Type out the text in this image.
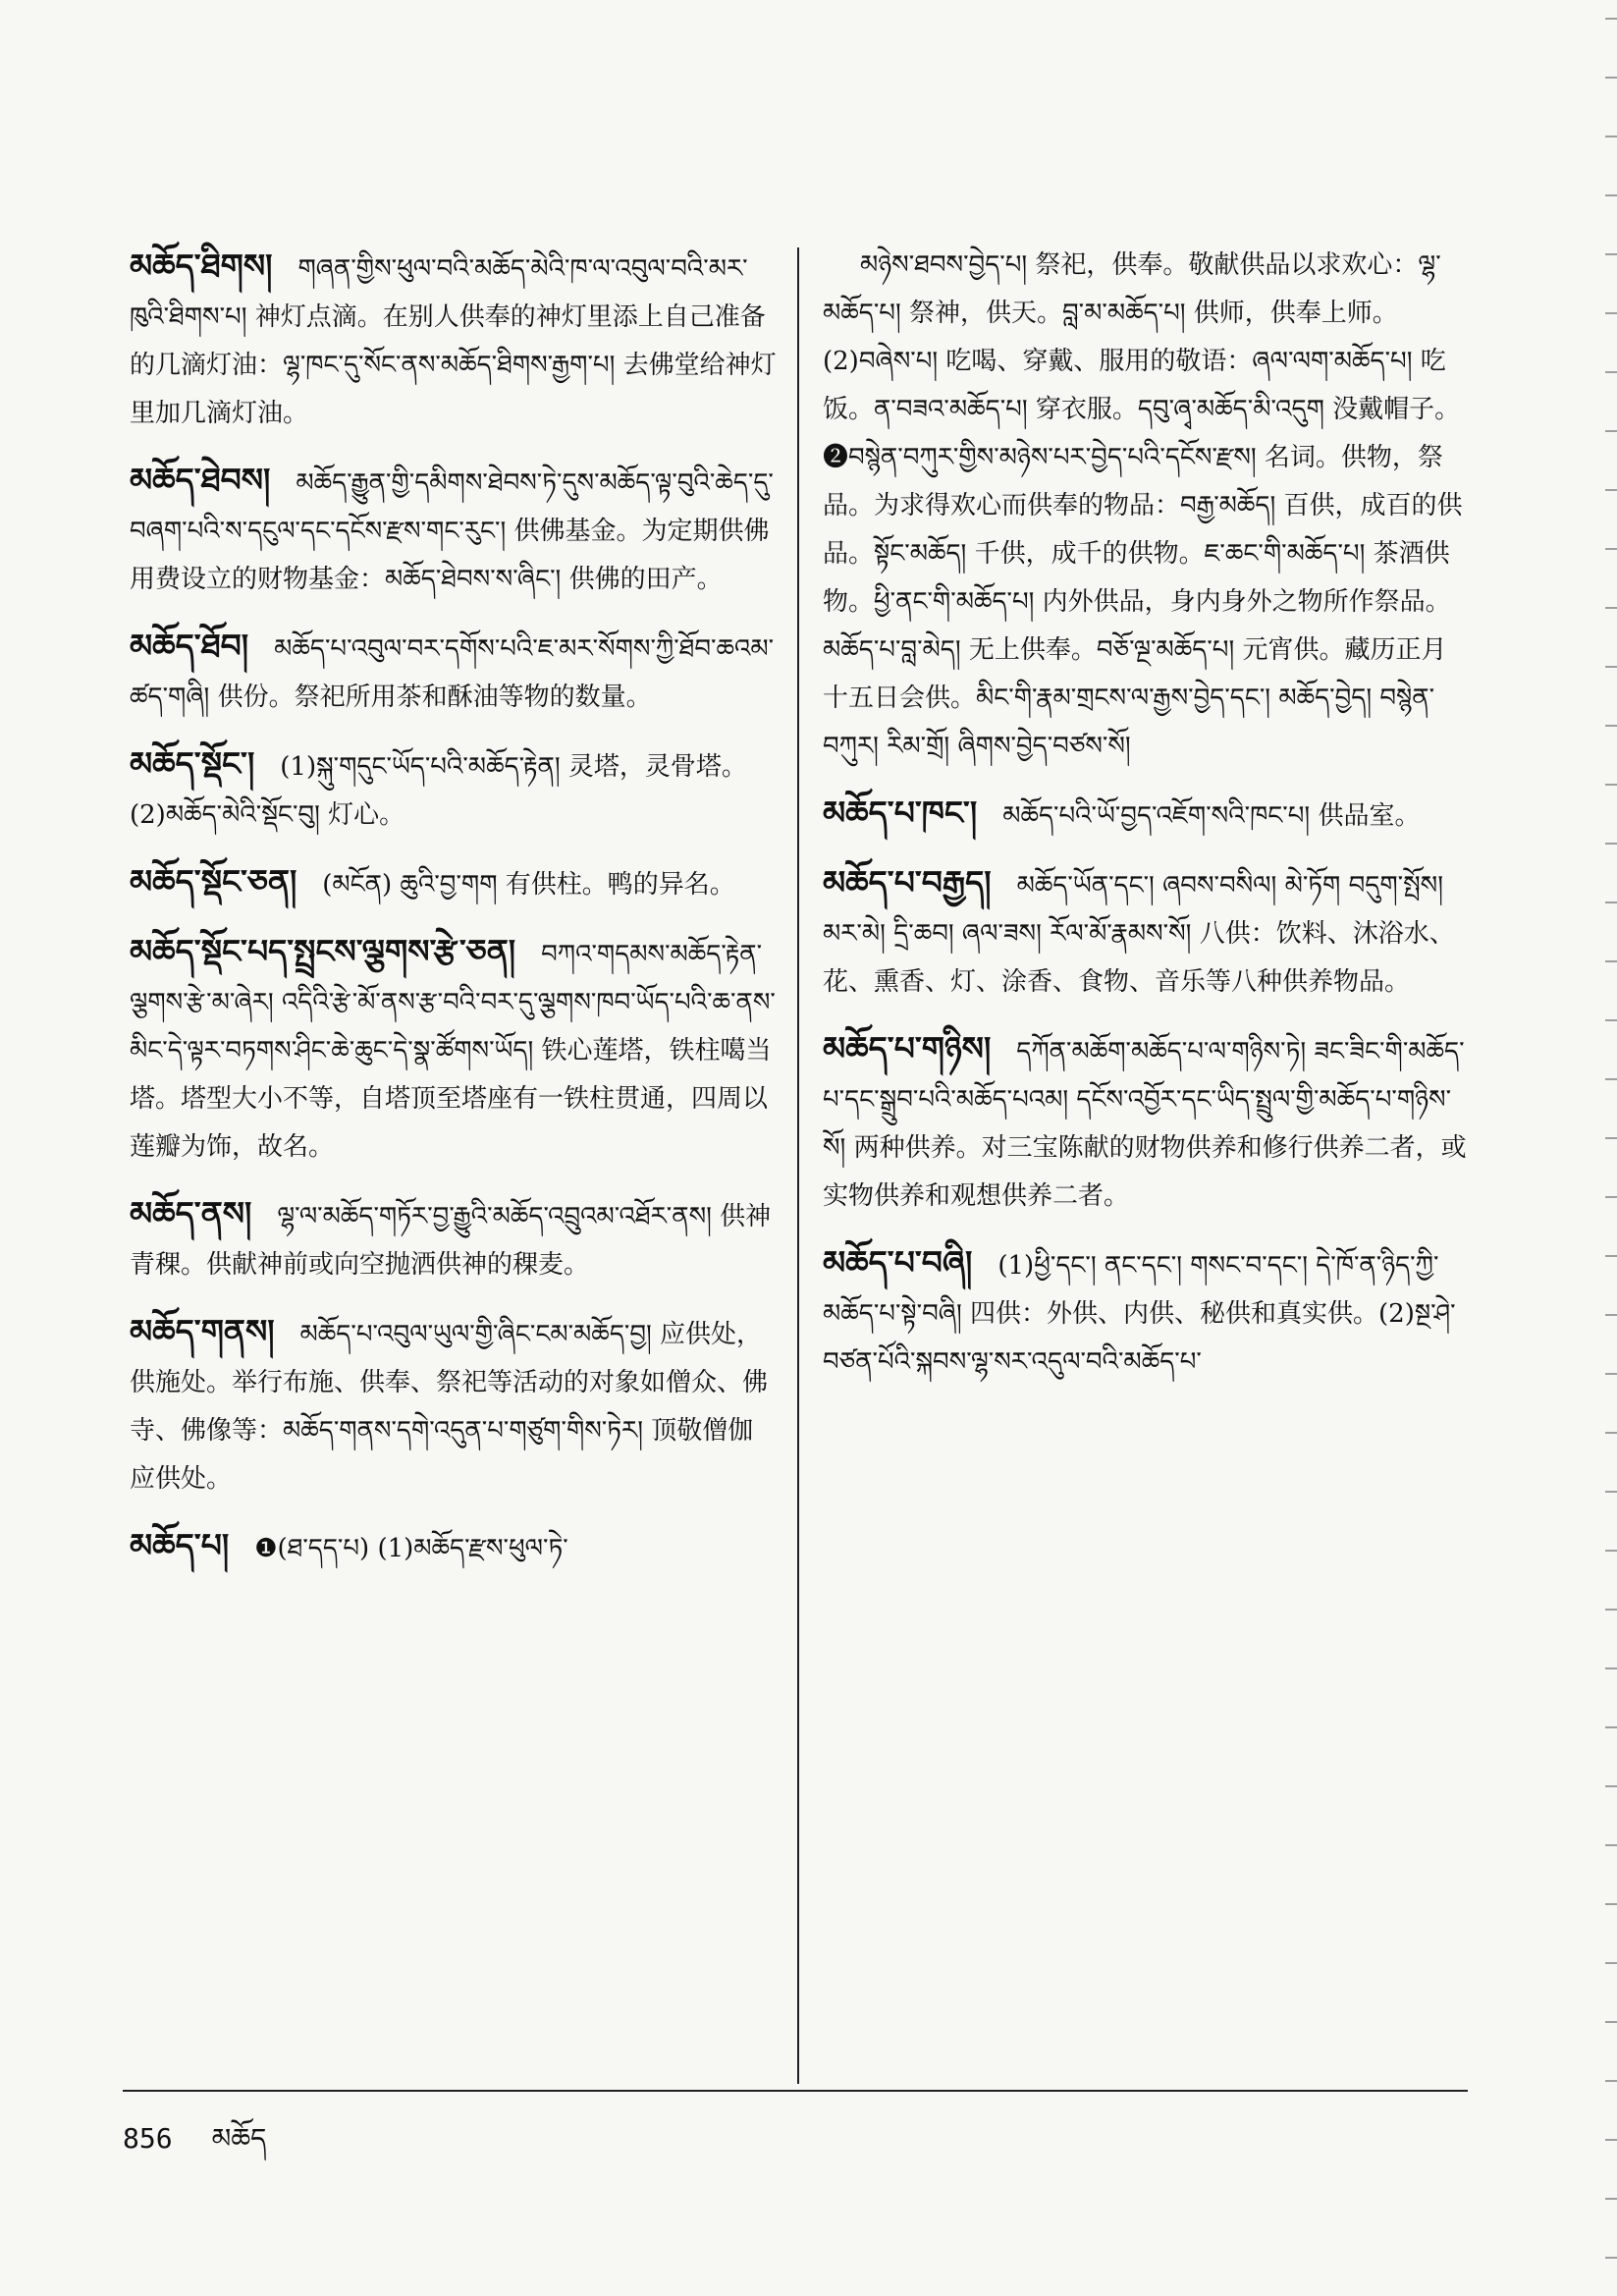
མཆོད་ཐིགས། གཞན་གྱིས་ཕུལ་བའི་མཆོད་མེའི་ཁ་ལ་འབུལ་བའི་མར་ཁུའི་ཐིགས་པ། 神灯点滴。在别人供奉的神灯里添上自己准备的几滴灯油：ལྷ་ཁང་དུ་སོང་ནས་མཆོད་ཐིགས་རྒྱག་པ། 去佛堂给神灯里加几滴灯油。
མཆོད་ཐེབས། མཆོད་རྒྱུན་གྱི་དམིགས་ཐེབས་ཏེ་དུས་མཆོད་ལྟ་བུའི་ཆེད་དུ་བཞག་པའི་ས་དངུལ་དང་དངོས་རྫས་གང་རུང་། 供佛基金。为定期供佛用费设立的财物基金：མཆོད་ཐེབས་ས་ཞིང་། 供佛的田产。
མཆོད་ཐོབ། མཆོད་པ་འབུལ་བར་དགོས་པའི་ཇ་མར་སོགས་ཀྱི་ཐོབ་ཆའམ་ཚད་གཞི། 供份。祭祀所用茶和酥油等物的数量。
མཆོད་སྡོང་། (1)སྐུ་གདུང་ཡོད་པའི་མཆོད་རྟེན། 灵塔，灵骨塔。(2)མཆོད་མེའི་སྡོང་བུ། 灯心。
མཆོད་སྡོང་ཅན། (མངོན) ཆུའི་བྱ་གག 有供柱。鸭的异名。
མཆོད་སྡོང་པད་སྤྲངས་ལྕགས་རྩེ་ཅན། བཀའ་གདམས་མཆོད་རྟེན་ལྕགས་རྩེ་མ་ཞེར། འདིའི་རྩེ་མོ་ནས་རྩ་བའི་བར་དུ་ལྕགས་ཁབ་ཡོད་པའི་ཆ་ནས་མིང་དེ་ལྟར་བཏགས་ཤིང་ཆེ་ཆུང་དེ་སྣ་ཚོགས་ཡོད། 铁心莲塔，铁柱噶当塔。塔型大小不等，自塔顶至塔座有一铁柱贯通，四周以莲瓣为饰，故名。
མཆོད་ནས། ལྷ་ལ་མཆོད་གཏོར་བྱ་རྒྱུའི་མཆོད་འབྲུའམ་འཐོར་ནས། 供神青稞。供献神前或向空抛洒供神的稞麦。
མཆོད་གནས། མཆོད་པ་འབུལ་ཡུལ་གྱི་ཞིང་ངམ་མཆོད་བྱ། 应供处，供施处。举行布施、供奉、祭祀等活动的对象如僧众、佛寺、佛像等：མཆོད་གནས་དགེ་འདུན་པ་གཙུག་གིས་ཏེར། 顶敬僧伽应供处。
མཆོད་པ། ❶(ཐ་དད་པ) (1)མཆོད་རྫས་ཕུལ་ཏེ་
མཉེས་ཐབས་བྱེད་པ། 祭祀，供奉。敬献供品以求欢心：ལྷ་མཆོད་པ། 祭神，供天。བླ་མ་མཆོད་པ། 供师，供奉上师。(2)བཞེས་པ། 吃喝、穿戴、服用的敬语：ཞལ་ལག་མཆོད་པ། 吃饭。ན་བཟའ་མཆོད་པ། 穿衣服。དབུ་ཞྭ་མཆོད་མི་འདུག 没戴帽子。❷བསྙེན་བཀུར་གྱིས་མཉེས་པར་བྱེད་པའི་དངོས་རྫས། 名词。供物，祭品。为求得欢心而供奉的物品：བརྒྱ་མཆོད། 百供，成百的供品。སྟོང་མཆོད། 千供，成千的供物。ཇ་ཆང་གི་མཆོད་པ། 茶酒供物。ཕྱི་ནང་གི་མཆོད་པ། 内外供品，身内身外之物所作祭品。མཆོད་པ་བླ་མེད། 无上供奉。བཅོ་ལྔ་མཆོད་པ། 元宵供。藏历正月十五日会供。མིང་གི་རྣམ་གྲངས་ལ་རྒྱས་བྱེད་དང་། མཆོད་བྱེད། བསྙེན་བཀུར། རིམ་གྲོ། ཞིགས་བྱེད་བཙས་སོ།
མཆོད་པ་ཁང་། མཆོད་པའི་ཡོ་བྱད་འཇོག་སའི་ཁང་པ། 供品室。
མཆོད་པ་བརྒྱད། མཆོད་ཡོན་དང་། ཞབས་བསིལ། མེ་ཏོག བདུག་སྤོས། མར་མེ། དྲི་ཆབ། ཞལ་ཟས། རོལ་མོ་རྣམས་སོ། 八供：饮料、沐浴水、花、熏香、灯、涂香、食物、音乐等八种供养物品。
མཆོད་པ་གཉིས། དཀོན་མཆོག་མཆོད་པ་ལ་གཉིས་ཏེ། ཟང་ཟིང་གི་མཆོད་པ་དང་སྒྲུབ་པའི་མཆོད་པའམ། དངོས་འབྱོར་དང་ཡིད་སྤྲུལ་གྱི་མཆོད་པ་གཉིས་སོ། 两种供养。对三宝陈献的财物供养和修行供养二者，或实物供养和观想供养二者。
མཆོད་པ་བཞི། (1)ཕྱི་དང་། ནང་དང་། གསང་བ་དང་། དེ་ཁོ་ན་ཉིད་ཀྱི་མཆོད་པ་སྟེ་བཞི། 四供：外供、内供、秘供和真实供。(2)སྔ་ཤེ་བཙན་པོའི་སྐབས་ལྷ་སར་འདུལ་བའི་མཆོད་པ་
856 མཆོད
